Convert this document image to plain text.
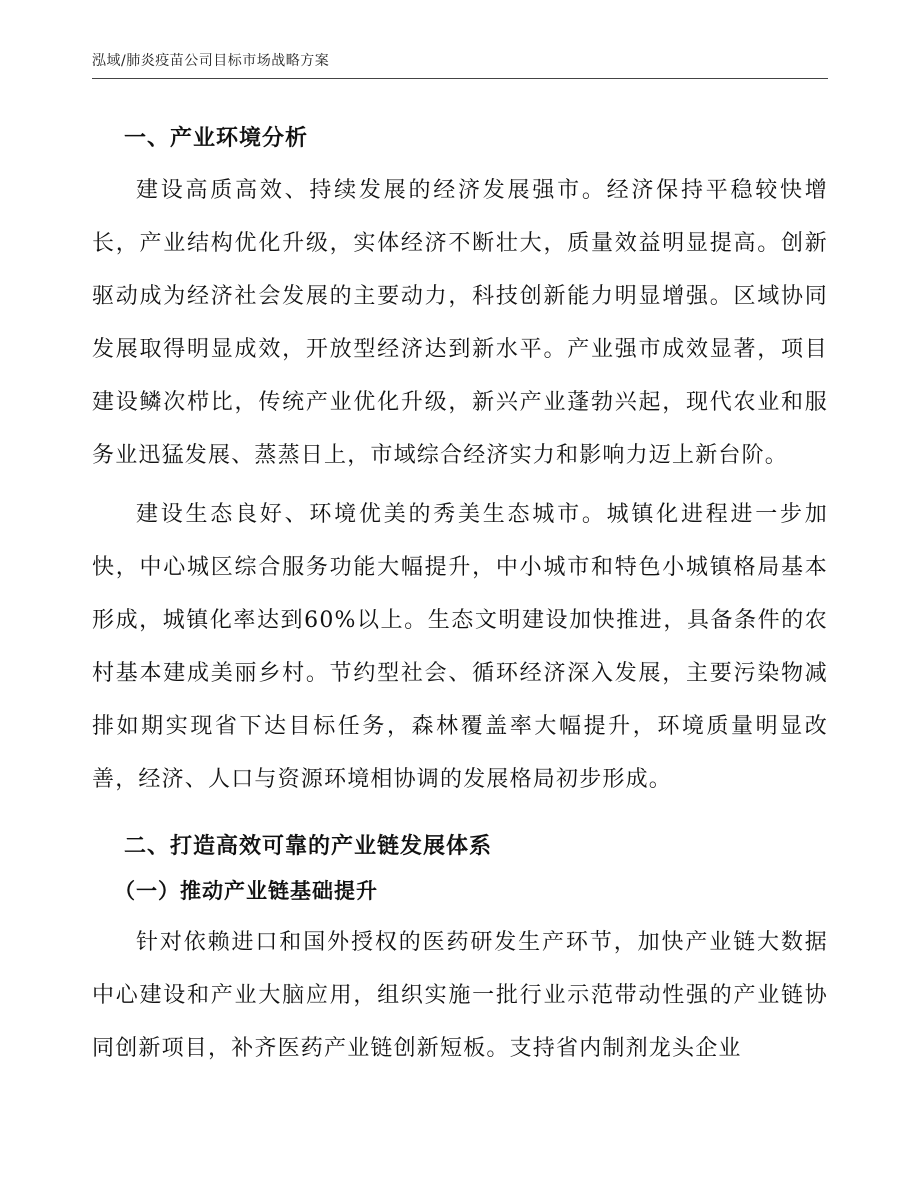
泓域/肺炎疫苗公司目标市场战略方案
一、产业环境分析

建设高质高效、持续发展的经济发展强市。经济保持平稳较快增长，产业结构优化升级，实体经济不断壮大，质量效益明显提高。创新驱动成为经济社会发展的主要动力，科技创新能力明显增强。区域协同发展取得明显成效，开放型经济达到新水平。产业强市成效显著，项目建设鳞次栉比，传统产业优化升级，新兴产业蓬勃兴起，现代农业和服务业迅猛发展、蒸蒸日上，市域综合经济实力和影响力迈上新台阶。

建设生态良好、环境优美的秀美生态城市。城镇化进程进一步加快，中心城区综合服务功能大幅提升，中小城市和特色小城镇格局基本形成，城镇化率达到60%以上。生态文明建设加快推进，具备条件的农村基本建成美丽乡村。节约型社会、循环经济深入发展，主要污染物减排如期实现省下达目标任务，森林覆盖率大幅提升，环境质量明显改善，经济、人口与资源环境相协调的发展格局初步形成。

二、打造高效可靠的产业链发展体系
（一）推动产业链基础提升

针对依赖进口和国外授权的医药研发生产环节，加快产业链大数据中心建设和产业大脑应用，组织实施一批行业示范带动性强的产业链协同创新项目，补齐医药产业链创新短板。支持省内制剂龙头企业
